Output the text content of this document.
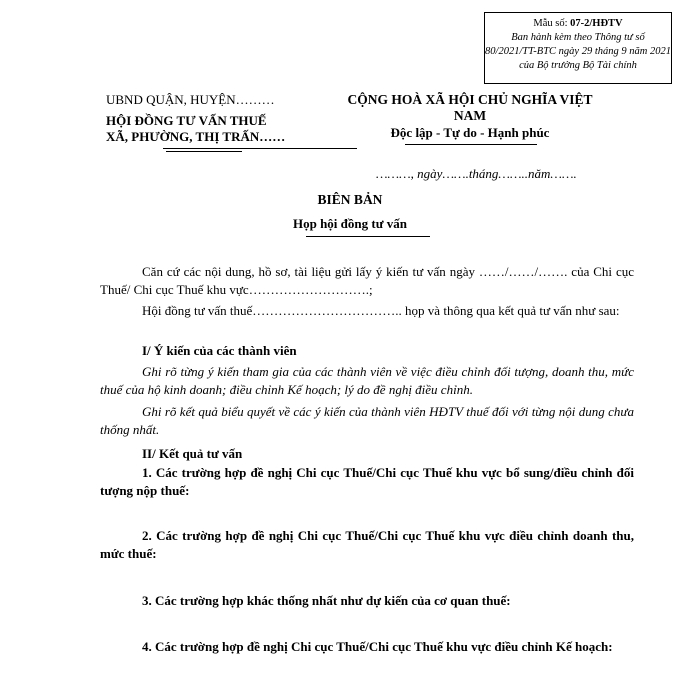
Mẫu số: 07-2/HĐTV
Ban hành kèm theo Thông tư số 80/2021/TT-BTC ngày 29 tháng 9 năm 2021 của Bộ trưởng Bộ Tài chính
UBND QUẬN, HUYỆN………
HỘI ĐỒNG TƯ VẤN THUẾ
XÃ, PHƯỜNG, THỊ TRẤN……
CỘNG HOÀ XÃ HỘI CHỦ NGHĨA VIỆT NAM
Độc lập - Tự do - Hạnh phúc
………, ngày…….tháng……..năm…….
BIÊN BẢN
Họp hội đồng tư vấn
Căn cứ các nội dung, hồ sơ, tài liệu gửi lấy ý kiến tư vấn ngày ……/……/……. của Chi cục Thuế/ Chi cục Thuế khu vực……………………….;
Hội đồng tư vấn thuế…………………………….. họp và thông qua kết quả tư vấn như sau:
I/ Ý kiến của các thành viên
Ghi rõ từng ý kiến tham gia của các thành viên về việc điều chỉnh đối tượng, doanh thu, mức thuế của hộ kinh doanh; điều chỉnh Kế hoạch; lý do đề nghị điều chỉnh.
Ghi rõ kết quả biểu quyết về các ý kiến của thành viên HĐTV thuế đối với từng nội dung chưa thống nhất.
II/ Kết quả tư vấn
1. Các trường hợp đề nghị Chi cục Thuế/Chi cục Thuế khu vực bổ sung/điều chỉnh đối tượng nộp thuế:
2. Các trường hợp đề nghị Chi cục Thuế/Chi cục Thuế khu vực điều chỉnh doanh thu, mức thuế:
3. Các trường hợp khác thống nhất như dự kiến của cơ quan thuế:
4. Các trường hợp đề nghị Chi cục Thuế/Chi cục Thuế khu vực điều chỉnh Kế hoạch:
